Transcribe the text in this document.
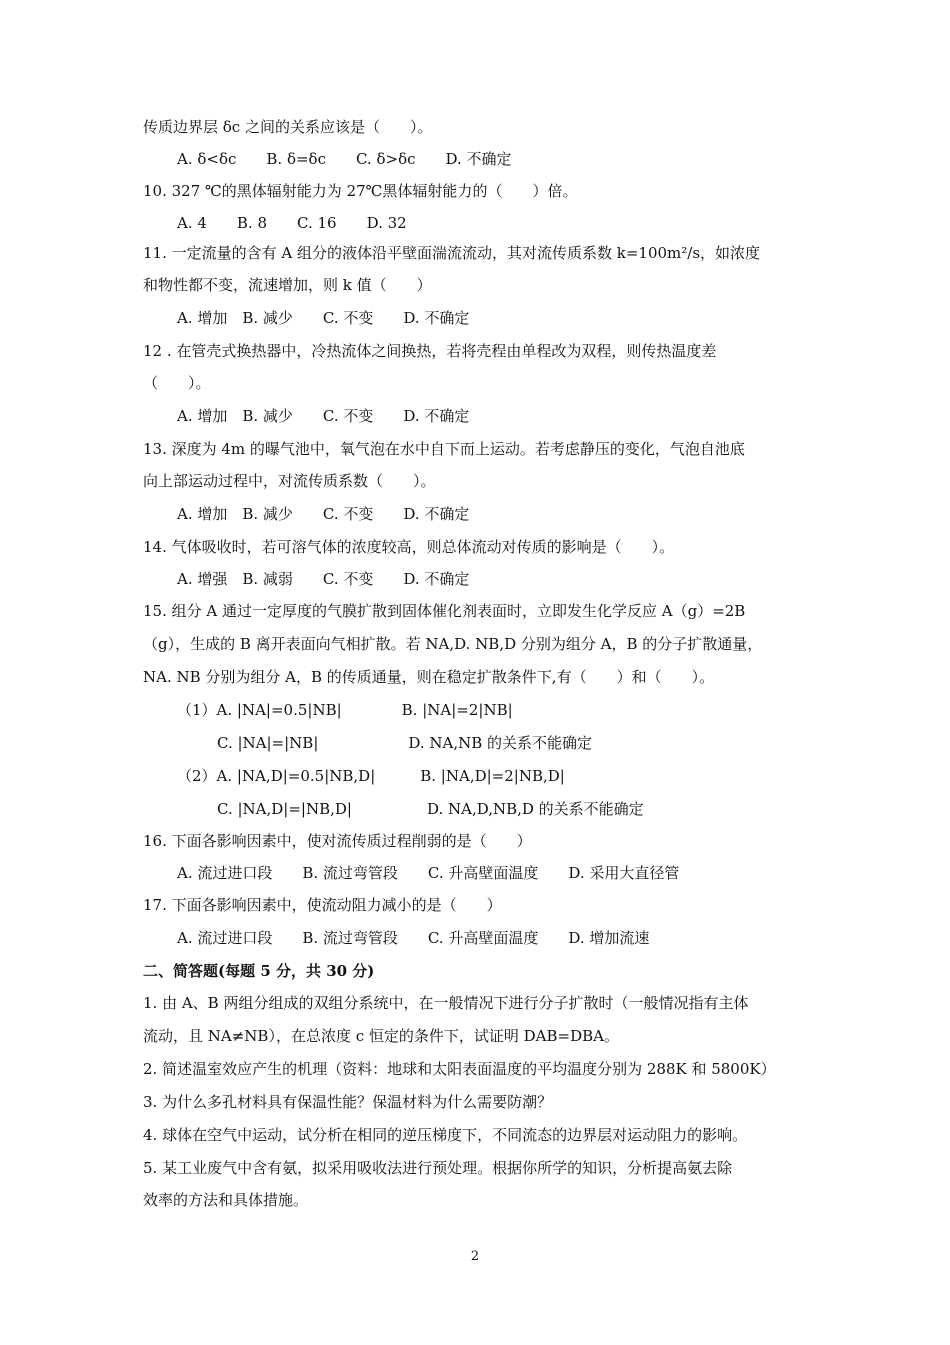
传质边界层 δc 之间的关系应该是（　　）。
A. δ<δc　　B. δ=δc　　C. δ>δc　　D. 不确定
10. 327 ℃的黑体辐射能力为 27℃黑体辐射能力的（　　）倍。
A. 4　　B. 8　　C. 16　　D. 32
11. 一定流量的含有 A 组分的液体沿平壁面湍流流动，其对流传质系数 k=100m²/s，如浓度
和物性都不变，流速增加，则 k 值（　　）
A. 增加　B. 减少　　C. 不变　　D. 不确定
12 . 在管壳式换热器中，冷热流体之间换热，若将壳程由单程改为双程，则传热温度差
（　　）。
A. 增加　B. 减少　　C. 不变　　D. 不确定
13. 深度为 4m 的曝气池中，氧气泡在水中自下而上运动。若考虑静压的变化，气泡自池底
向上部运动过程中，对流传质系数（　　）。
A. 增加　B. 减少　　C. 不变　　D. 不确定
14. 气体吸收时，若可溶气体的浓度较高，则总体流动对传质的影响是（　　）。
A. 增强　B. 减弱　　C. 不变　　D. 不确定
15. 组分 A 通过一定厚度的气膜扩散到固体催化剂表面时，立即发生化学反应 A（g）=2B
（g），生成的 B 离开表面向气相扩散。若 NA,D. NB,D 分别为组分 A，B 的分子扩散通量，
NA. NB 分别为组分 A，B 的传质通量，则在稳定扩散条件下,有（　　）和（　　）。
（1）A. |NA|=0.5|NB|　　　　B. |NA|=2|NB|
C. |NA|=|NB|　　　　　　D. NA,NB 的关系不能确定
（2）A. |NA,D|=0.5|NB,D|　　　B. |NA,D|=2|NB,D|
C. |NA,D|=|NB,D|　　　　　D. NA,D,NB,D 的关系不能确定
16. 下面各影响因素中，使对流传质过程削弱的是（　　）
A. 流过进口段　　B. 流过弯管段　　C. 升高壁面温度　　D. 采用大直径管
17. 下面各影响因素中，使流动阻力减小的是（　　）
A. 流过进口段　　B. 流过弯管段　　C. 升高壁面温度　　D. 增加流速
二、简答题(每题 5 分，共 30 分)
1. 由 A、B 两组分组成的双组分系统中，在一般情况下进行分子扩散时（一般情况指有主体
流动，且 NA≠NB），在总浓度 c 恒定的条件下，试证明 DAB=DBA。
2. 简述温室效应产生的机理（资料：地球和太阳表面温度的平均温度分别为 288K 和 5800K）
3. 为什么多孔材料具有保温性能？保温材料为什么需要防潮？
4. 球体在空气中运动，试分析在相同的逆压梯度下，不同流态的边界层对运动阻力的影响。
5. 某工业废气中含有氨，拟采用吸收法进行预处理。根据你所学的知识，分析提高氨去除
效率的方法和具体措施。
2
